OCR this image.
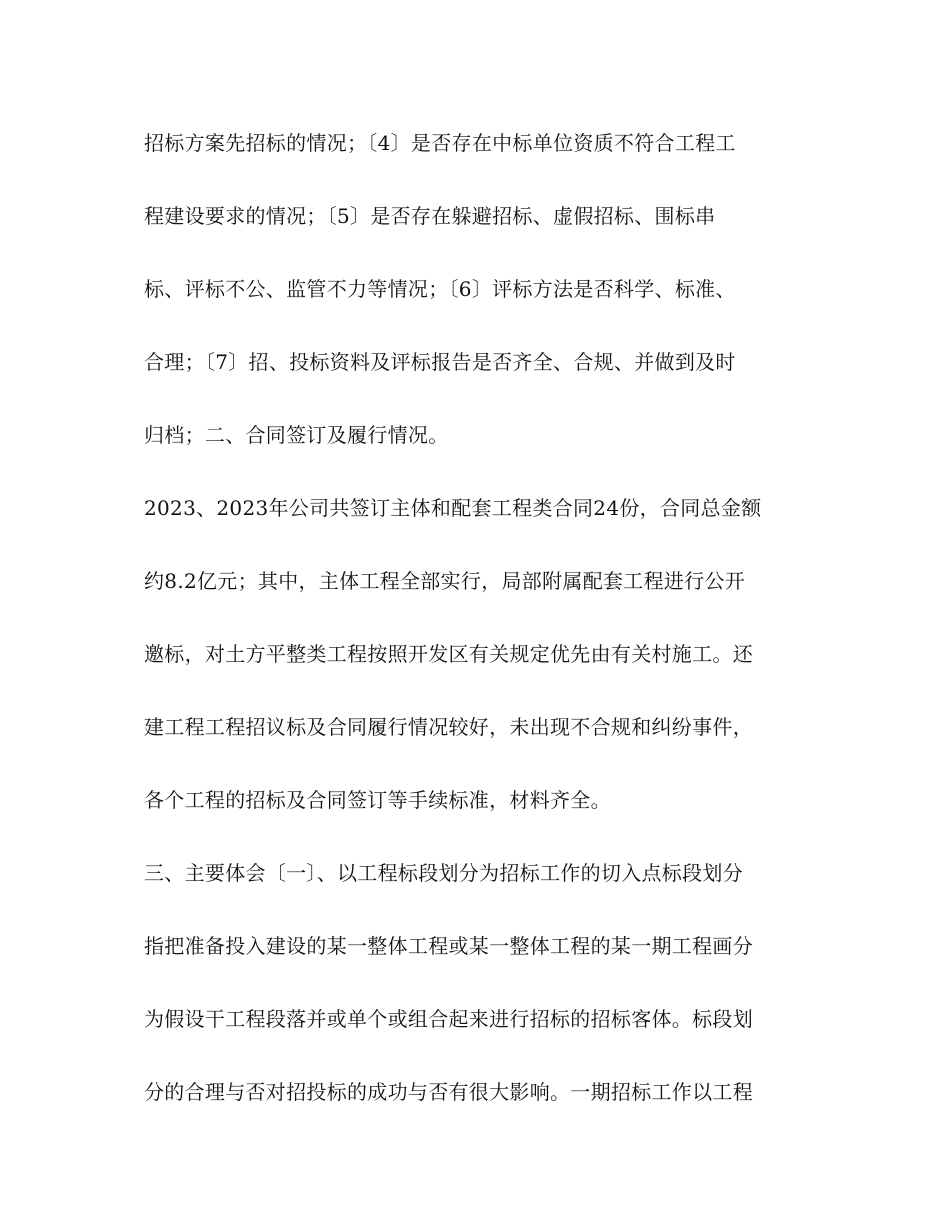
招标方案先招标的情况；〔4〕是否存在中标单位资质不符合工程工
程建设要求的情况；〔5〕是否存在躲避招标、虚假招标、围标串
标、评标不公、监管不力等情况；〔6〕评标方法是否科学、标准、
合理；〔7〕招、投标资料及评标报告是否齐全、合规、并做到及时
归档；二、合同签订及履行情况。
2023、2023年公司共签订主体和配套工程类合同24份，合同总金额
约8.2亿元；其中，主体工程全部实行，局部附属配套工程进行公开
邀标，对土方平整类工程按照开发区有关规定优先由有关村施工。还
建工程工程招议标及合同履行情况较好，未出现不合规和纠纷事件，
各个工程的招标及合同签订等手续标准，材料齐全。
三、主要体会〔一〕、以工程标段划分为招标工作的切入点标段划分
指把准备投入建设的某一整体工程或某一整体工程的某一期工程画分
为假设干工程段落并或单个或组合起来进行招标的招标客体。标段划
分的合理与否对招投标的成功与否有很大影响。一期招标工作以工程
